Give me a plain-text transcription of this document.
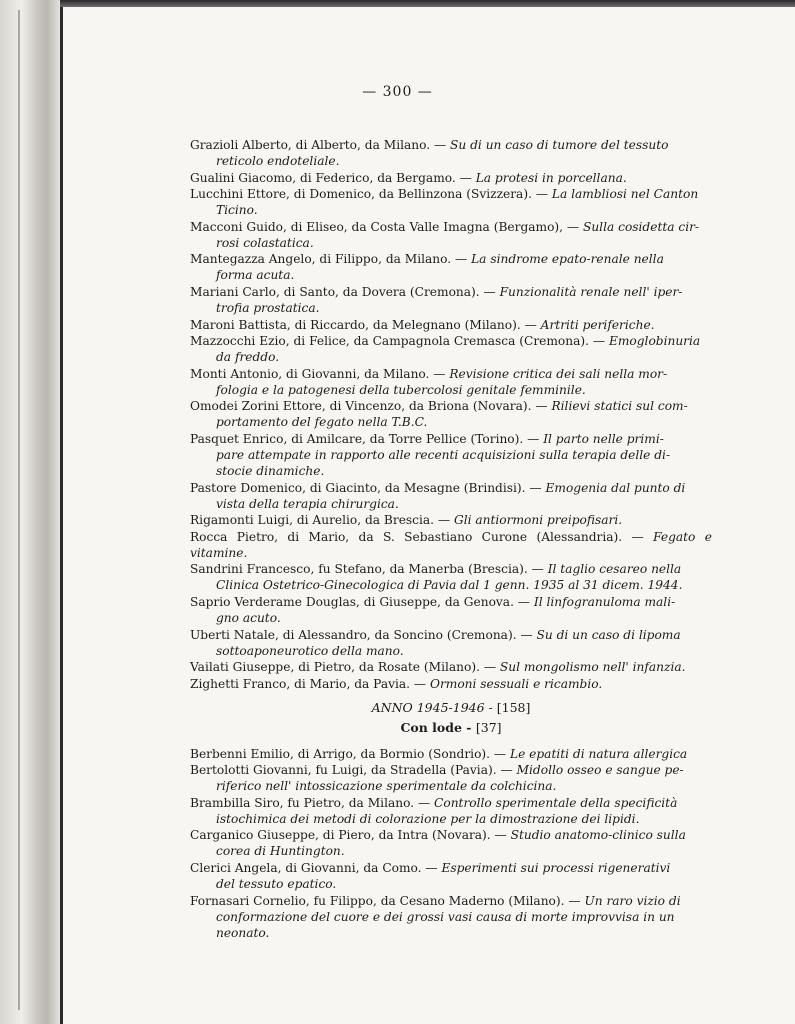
— 300 —
Grazioli Alberto, di Alberto, da Milano. — Su di un caso di tumore del tessuto
reticolo endoteliale.
Gualini Giacomo, di Federico, da Bergamo. — La protesi in porcellana.
Lucchini Ettore, di Domenico, da Bellinzona (Svizzera). — La lambliosi nel Canton
Ticino.
Macconi Guido, di Eliseo, da Costa Valle Imagna (Bergamo), — Sulla cosidetta cir-
rosi colastatica.
Mantegazza Angelo, di Filippo, da Milano. — La sindrome epato-renale nella
forma acuta.
Mariani Carlo, di Santo, da Dovera (Cremona). — Funzionalità renale nell' iper-
trofia prostatica.
Maroni Battista, di Riccardo, da Melegnano (Milano). — Artriti periferiche.
Mazzocchi Ezio, di Felice, da Campagnola Cremasca (Cremona). — Emoglobinuria
da freddo.
Monti Antonio, di Giovanni, da Milano. — Revisione critica dei sali nella mor-
fologia e la patogenesi della tubercolosi genitale femminile.
Omodei Zorini Ettore, di Vincenzo, da Briona (Novara). — Rilievi statici sul com-
portamento del fegato nella T.B.C.
Pasquet Enrico, di Amilcare, da Torre Pellice (Torino). — Il parto nelle primi-
pare attempate in rapporto alle recenti acquisizioni sulla terapia delle di-
stocie dinamiche.
Pastore Domenico, di Giacinto, da Mesagne (Brindisi). — Emogenia dal punto di
vista della terapia chirurgica.
Rigamonti Luigi, di Aurelio, da Brescia. — Gli antiormoni preipofisari.
Rocca Pietro, di Mario, da S. Sebastiano Curone (Alessandria). — Fegato e vitamine.
Sandrini Francesco, fu Stefano, da Manerba (Brescia). — Il taglio cesareo nella
Clinica Ostetrico-Ginecologica di Pavia dal 1 genn. 1935 al 31 dicem. 1944.
Saprio Verderame Douglas, di Giuseppe, da Genova. — Il linfogranuloma mali-
gno acuto.
Uberti Natale, di Alessandro, da Soncino (Cremona). — Su di un caso di lipoma
sottoaponeurotico della mano.
Vailati Giuseppe, di Pietro, da Rosate (Milano). — Sul mongolismo nell' infanzia.
Zighetti Franco, di Mario, da Pavia. — Ormoni sessuali e ricambio.
ANNO 1945-1946 - [158]
Con lode - [37]
Berbenni Emilio, di Arrigo, da Bormio (Sondrio). — Le epatiti di natura allergica
Bertolotti Giovanni, fu Luigi, da Stradella (Pavia). — Midollo osseo e sangue pe-
riferico nell' intossicazione sperimentale da colchicina.
Brambilla Siro, fu Pietro, da Milano. — Controllo sperimentale della specificità
istochimica dei metodi di colorazione per la dimostrazione dei lipidi.
Carganico Giuseppe, di Piero, da Intra (Novara). — Studio anatomo-clinico sulla
corea di Huntington.
Clerici Angela, di Giovanni, da Como. — Esperimenti sui processi rigenerativi
del tessuto epatico.
Fornasari Cornelio, fu Filippo, da Cesano Maderno (Milano). — Un raro vizio di
conformazione del cuore e dei grossi vasi causa di morte improvvisa in un
neonato.
